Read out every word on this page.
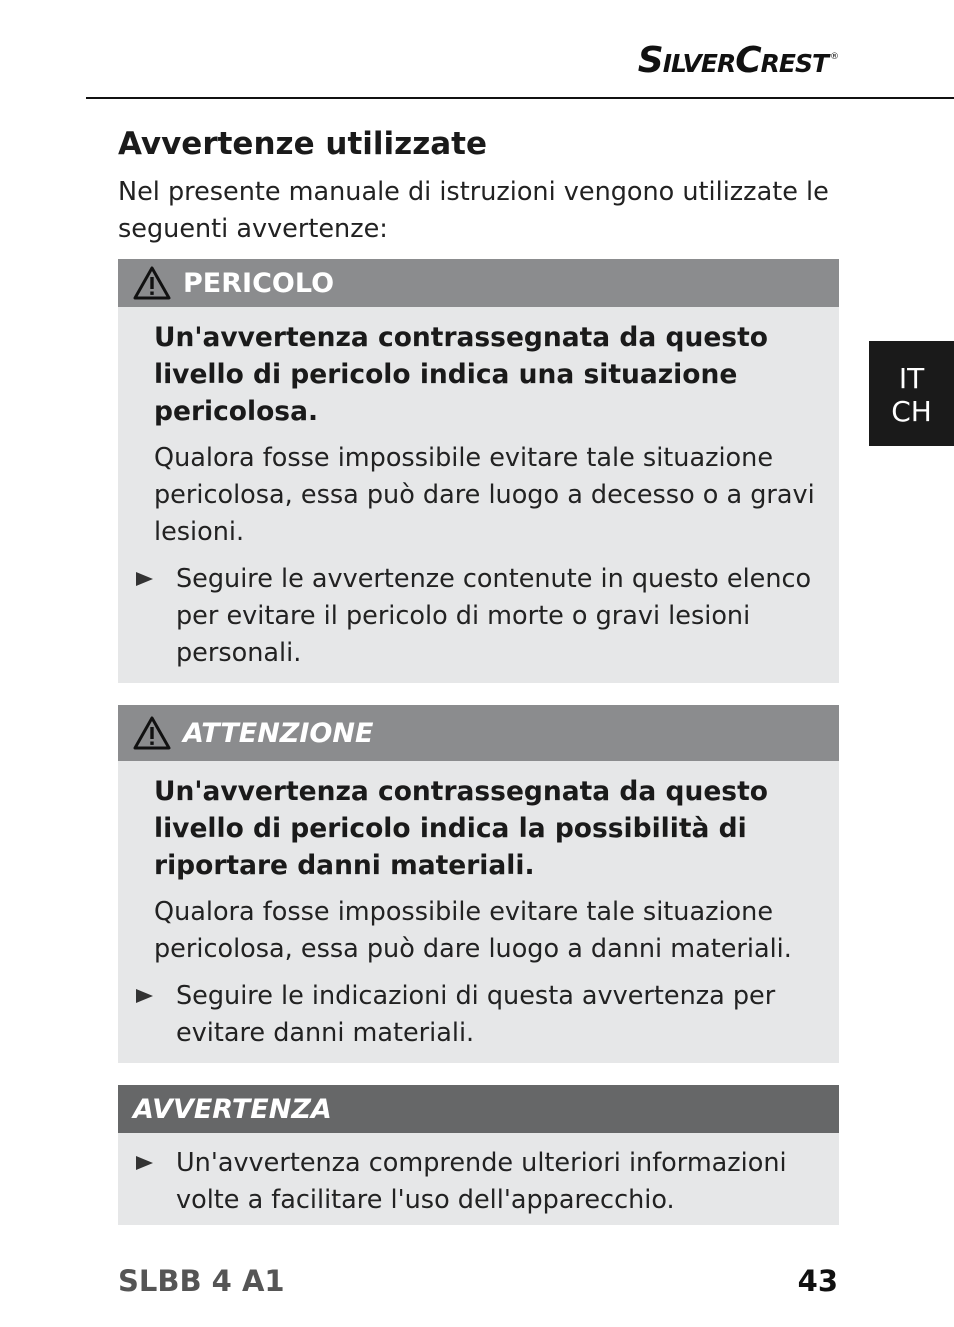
SilverCrest ®
IT
CH
Avvertenze utilizzate

Nel presente manuale di istruzioni vengono utilizzate le seguenti avvertenze:

PERICOLO

Un'avvertenza contrassegnata da questo livello di pericolo indica una situazione pericolosa.

Qualora fosse impossibile evitare tale situazione pericolosa, essa può dare luogo a decesso o a gravi lesioni.

Seguire le avvertenze contenute in questo elenco per evitare il pericolo di morte o gravi lesioni personali.

ATTENZIONE

Un'avvertenza contrassegnata da questo livello di pericolo indica la possibilità di riportare danni materiali.

Qualora fosse impossibile evitare tale situazione pericolosa, essa può dare luogo a danni materiali.

Seguire le indicazioni di questa avvertenza per evitare danni materiali.

AVVERTENZA

Un'avvertenza comprende ulteriori informazioni volte a facilitare l'uso dell'apparecchio.

SLBB 4 A1	43
